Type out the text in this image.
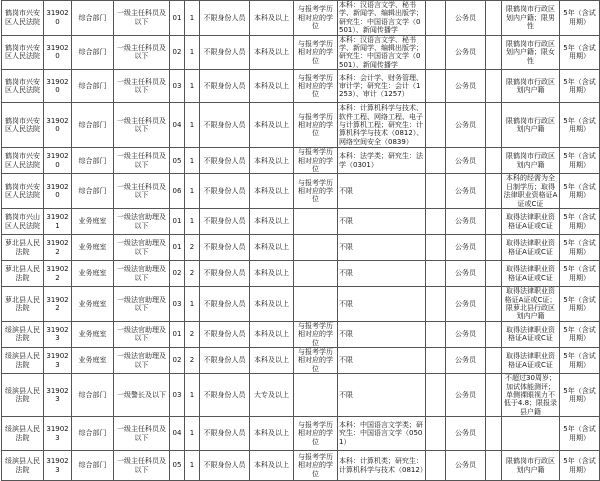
鹤岗市兴安区人民法院	319020	综合部门	一级主任科员及以下	01	1	不限身份人员	本科及以上	与报考学历相对应的学位	本科：汉语言文学、秘书学、新闻学、编辑出版学；研究生：中国语言文学（0501）、新闻传播学		公务员		限鹤岗市行政区划内户籍；限男性	5年（含试用期）
鹤岗市兴安区人民法院	319020	综合部门	一级主任科员及以下	02	1	不限身份人员	本科及以上	与报考学历相对应的学位	本科：汉语言文学、秘书学、新闻学、编辑出版学；研究生：中国语言文学（0501）、新闻传播学		公务员		限鹤岗市行政区划内户籍；限女性	5年（含试用期）
鹤岗市兴安区人民法院	319020	综合部门	一级主任科员及以下	03	1	不限身份人员	本科及以上	与报考学历相对应的学位	本科：会计学、财务管理、审计学；研究生：会计（1253）、审计（1257）		公务员		限鹤岗市行政区划内户籍	5年（含试用期）
鹤岗市兴安区人民法院	319020	综合部门	一级主任科员及以下	04	1	不限身份人员	本科及以上	与报考学历相对应的学位	本科：计算机科学与技术、软件工程、网络工程、电子与计算机工程；研究生：计算机科学与技术（0812）、网络空间安全（0839）		公务员		限鹤岗市行政区划内户籍	5年（含试用期）
鹤岗市兴安区人民法院	319020	综合部门	一级主任科员及以下	05	1	不限身份人员	本科及以上	与报考学历相对应的学位	本科：法学类；研究生：法学（0301）		公务员		限鹤岗市行政区划内户籍	5年（含试用期）
鹤岗市兴安区人民法院	319020	综合部门	一级主任科员及以下	06	1	不限身份人员	本科及以上	与报考学历相对应的学位	不限		公务员		本科的经需为全日制学历；取得法律职业资格证A证或C证	5年（含试用期）
鹤岗市兴山区人民法院	319021	业务庭室	一级法官助理及以下	01	1	不限身份人员	本科及以上		不限		公务员		取得法律职业资格证A证或C证	5年（含试用期）
萝北县人民法院	319022	业务庭室	一级法官助理及以下	01	2	不限身份人员	本科及以上		不限		公务员		取得法律职业资格证A证或C证	5年（含试用期）
萝北县人民法院	319022	业务庭室	一级法官助理及以下	02	2	不限身份人员	本科及以上		不限		公务员		取得法律职业资格证A证或C证	5年（含试用期）
萝北县人民法院	319022	业务庭室	一级法官助理及以下	03	1	不限身份人员	本科及以上		不限		公务员		取得法律职业资格证A证或C证；限萝北县行政区划内户籍	5年（含试用期）
绥滨县人民法院	319023	业务庭室	一级法官助理及以下	01	2	不限身份人员	本科及以上	与报考学历相对应的学位	不限		公务员		取得法律职业资格证A证或C证	5年（含试用期）
绥滨县人民法院	319023	业务庭室	一级法官助理及以下	02	2	不限身份人员	本科及以上	与报考学历相对应的学位	不限		公务员		取得法律职业资格证A证或C证	5年（含试用期）
绥滨县人民法院	319023	综合部门	一级警长及以下	03	1	不限身份人员	大专及以上		不限		公务员		不超过30周岁；加试体能测评；单侧裸眼视力不低于4.8；限报录县户籍	5年（含试用期）
绥滨县人民法院	319023	综合部门	一级主任科员及以下	04	1	不限身份人员	本科及以上	与报考学历相对应的学位	本科：中国语言文学类；研究生：中国语言文学（0501）		公务员			5年（含试用期）
绥滨县人民法院	319023	综合部门	一级主任科员及以下	05	1	不限身份人员	本科及以上	与报考学历相对应的学位	本科：计算机类；研究生：计算机科学与技术（0812）		公务员		限鹤岗市行政区划内户籍	5年（含试用期）
